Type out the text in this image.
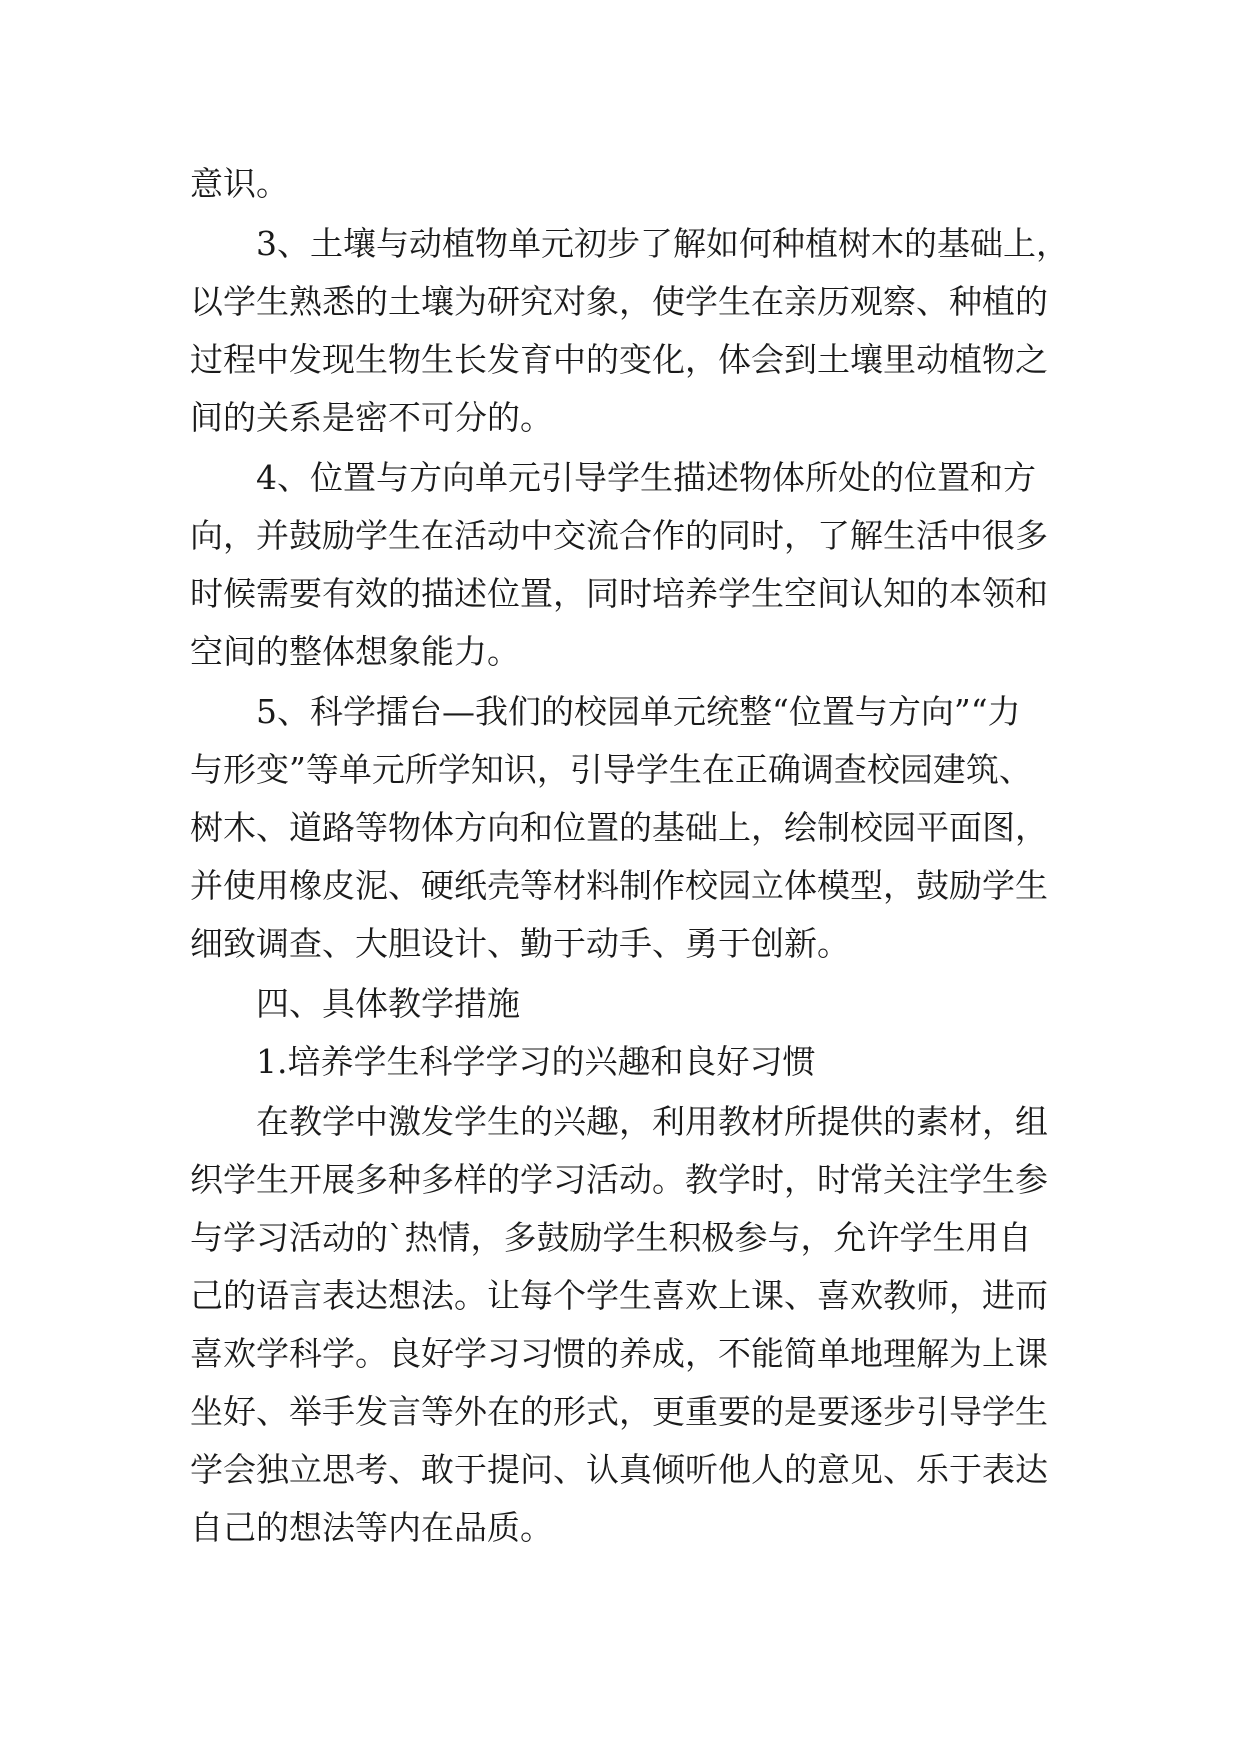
意识。

3、土壤与动植物单元初步了解如何种植树木的基础上，

以学生熟悉的土壤为研究对象，使学生在亲历观察、种植的

过程中发现生物生长发育中的变化，体会到土壤里动植物之

间的关系是密不可分的。

4、位置与方向单元引导学生描述物体所处的位置和方

向，并鼓励学生在活动中交流合作的同时，了解生活中很多

时候需要有效的描述位置，同时培养学生空间认知的本领和

空间的整体想象能力。

5、科学擂台—我们的校园单元统整“位置与方向”“力

与形变”等单元所学知识，引导学生在正确调查校园建筑、

树木、道路等物体方向和位置的基础上，绘制校园平面图，

并使用橡皮泥、硬纸壳等材料制作校园立体模型，鼓励学生

细致调查、大胆设计、勤于动手、勇于创新。

四、具体教学措施

1.培养学生科学学习的兴趣和良好习惯

在教学中激发学生的兴趣，利用教材所提供的素材，组

织学生开展多种多样的学习活动。教学时，时常关注学生参

与学习活动的`热情，多鼓励学生积极参与，允许学生用自

己的语言表达想法。让每个学生喜欢上课、喜欢教师，进而

喜欢学科学。良好学习习惯的养成，不能简单地理解为上课

坐好、举手发言等外在的形式，更重要的是要逐步引导学生

学会独立思考、敢于提问、认真倾听他人的意见、乐于表达

自己的想法等内在品质。
